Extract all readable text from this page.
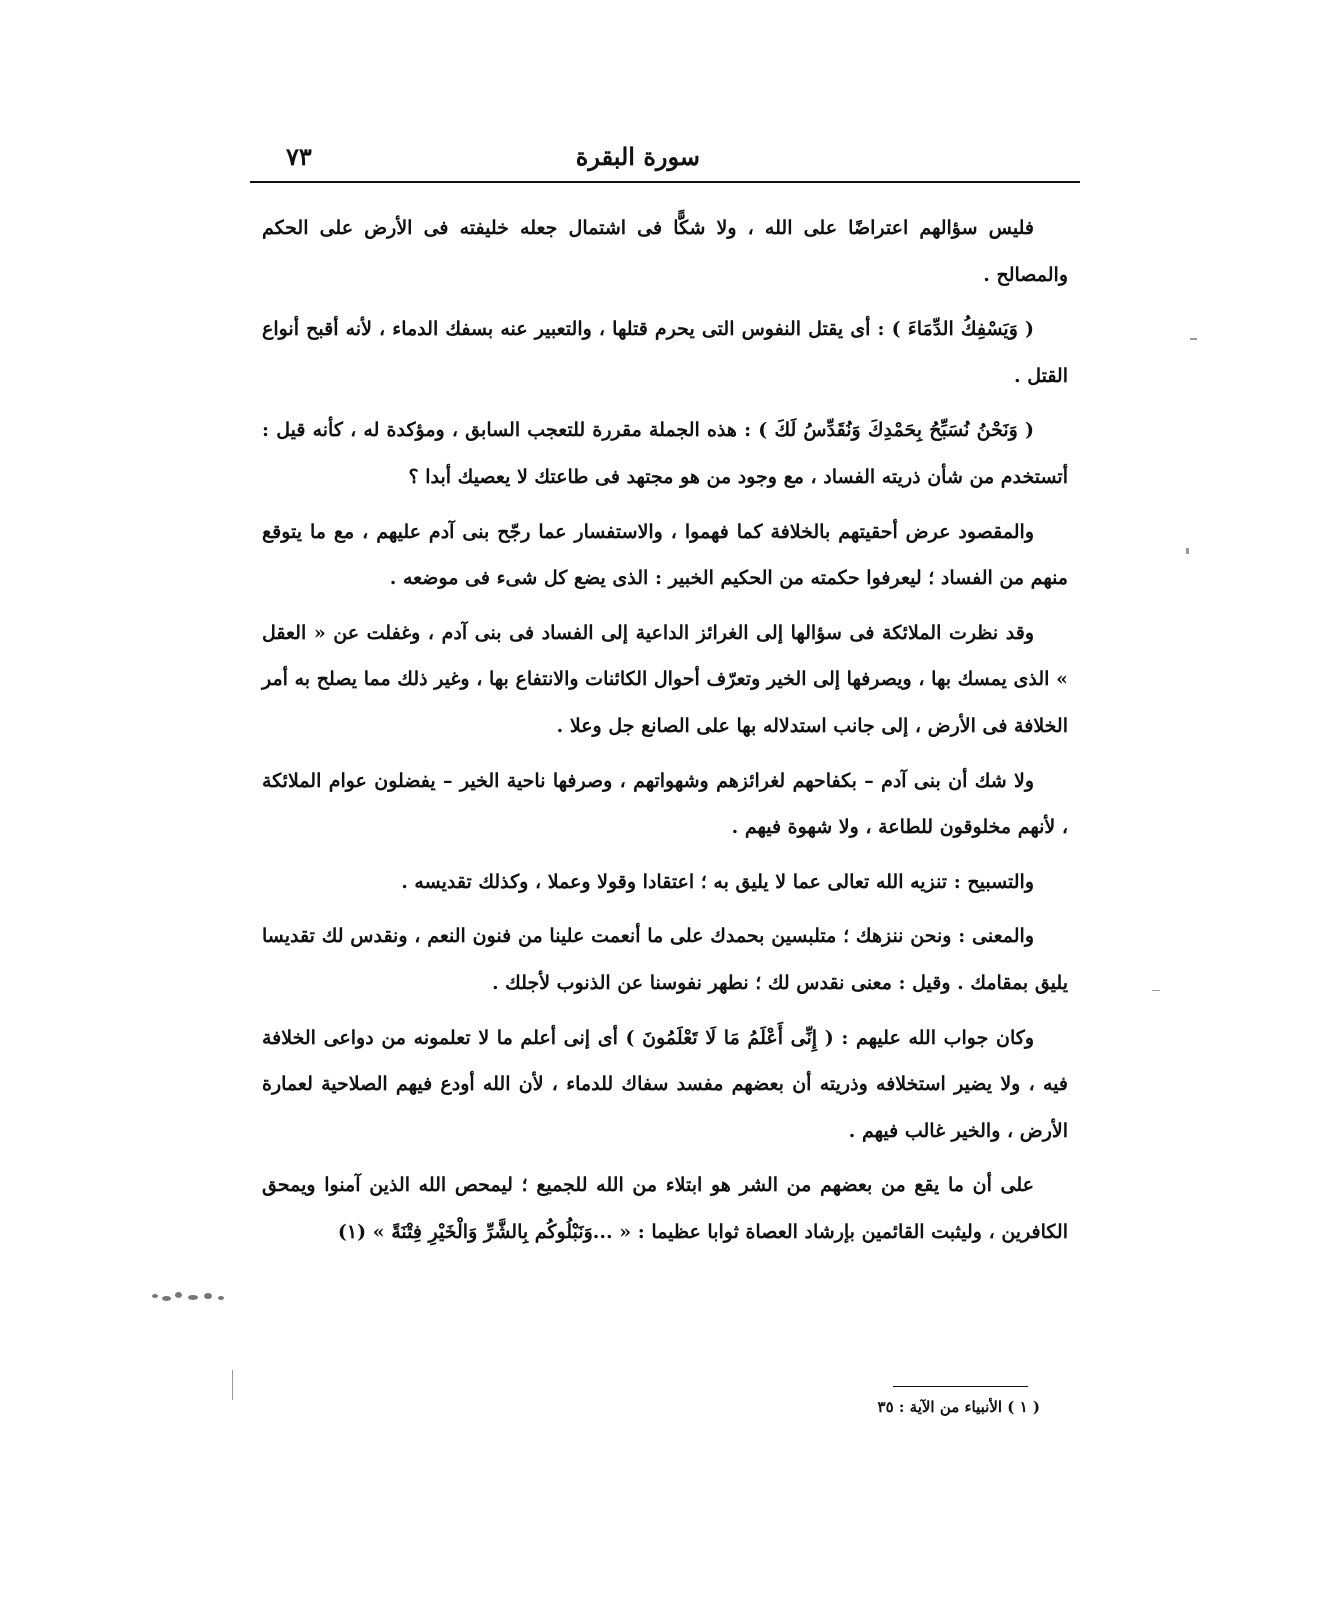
سورة البقرة
٧٣

فليس سؤالهم اعتراضًا على الله ، ولا شكًّا فى اشتمال جعله خليفته فى الأرض على الحكم والمصالح .

( وَيَسْفِكُ الدِّمَاءَ ) : أى يقتل النفوس التى يحرم قتلها ، والتعبير عنه بسفك الدماء ، لأنه أقبح أنواع القتل .

( وَنَحْنُ نُسَبِّحُ بِحَمْدِكَ وَنُقَدِّسُ لَكَ ) : هذه الجملة مقررة للتعجب السابق ، ومؤكدة له ، كأنه قيل : أتستخدم من شأن ذريته الفساد ، مع وجود من هو مجتهد فى طاعتك لا يعصيك أبدا ؟

والمقصود عرض أحقيتهم بالخلافة كما فهموا ، والاستفسار عما رجّح بنى آدم عليهم ، مع ما يتوقع منهم من الفساد ؛ ليعرفوا حكمته من الحكيم الخبير : الذى يضع كل شىء فى موضعه .

وقد نظرت الملائكة فى سؤالها إلى الغرائز الداعية إلى الفساد فى بنى آدم ، وغفلت عن « العقل » الذى يمسك بها ، ويصرفها إلى الخير وتعرّف أحوال الكائنات والانتفاع بها ، وغير ذلك مما يصلح به أمر الخلافة فى الأرض ، إلى جانب استدلاله بها على الصانع جل وعلا .

ولا شك أن بنى آدم – بكفاحهم لغرائزهم وشهواتهم ، وصرفها ناحية الخير – يفضلون عوام الملائكة ، لأنهم مخلوقون للطاعة ، ولا شهوة فيهم .

والتسبيح : تنزيه الله تعالى عما لا يليق به ؛ اعتقادا وقولا وعملا ، وكذلك تقديسه .

والمعنى : ونحن ننزهك ؛ متلبسين بحمدك على ما أنعمت علينا من فنون النعم ، ونقدس لك تقديسا يليق بمقامك . وقيل : معنى نقدس لك ؛ نطهر نفوسنا عن الذنوب لأجلك .

وكان جواب الله عليهم : ( إِنِّى أَعْلَمُ مَا لَا تَعْلَمُونَ ) أى إنى أعلم ما لا تعلمونه من دواعى الخلافة فيه ، ولا يضير استخلافه وذريته أن بعضهم مفسد سفاك للدماء ، لأن الله أودع فيهم الصلاحية لعمارة الأرض ، والخير غالب فيهم .

على أن ما يقع من بعضهم من الشر هو ابتلاء من الله للجميع ؛ ليمحص الله الذين آمنوا ويمحق الكافرين ، وليثبت القائمين بإرشاد العصاة ثوابا عظيما : « ...وَنَبْلُوكُم بِالشَّرِّ وَالْخَيْرِ فِتْنَةً » (١)

( ١ ) الأنبياء من الآية : ٣٥
